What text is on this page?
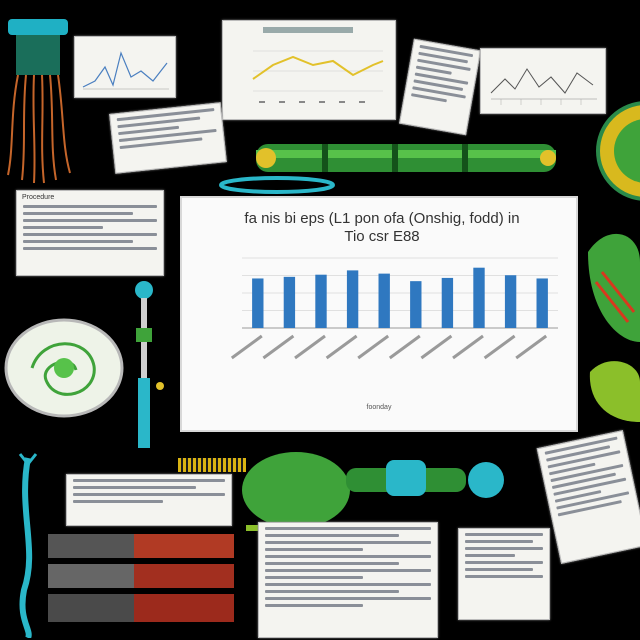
Procedure
fa nis bi eps (L1 pon ofa (Onshig, fodd) in
Tio csr E88
foonday
